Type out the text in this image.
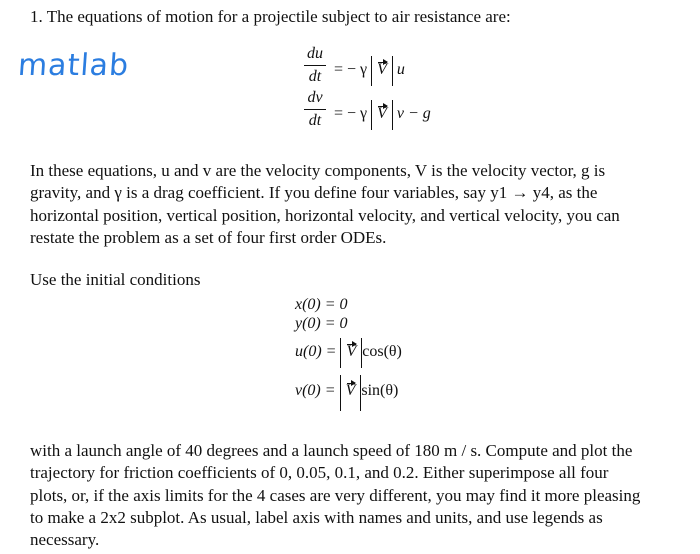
1. The equations of motion for a projectile subject to air resistance are:
matlab	du
dt = − γ V u
dv
dt = − γ V v − g
In these equations, u and v are the velocity components, V is the velocity vector, g is
gravity, and γ is a drag coefficient. If you define four variables, say y1 → y4, as the
horizontal position, vertical position, horizontal velocity, and vertical velocity, you can
restate the problem as a set of four first order ODEs.
Use the initial conditions
x(0) = 0
y(0) = 0
u(0) = V cos(θ)
v(0) = V sin(θ)
with a launch angle of 40 degrees and a launch speed of 180 m / s. Compute and plot the
trajectory for friction coefficients of 0, 0.05, 0.1, and 0.2. Either superimpose all four
plots, or, if the axis limits for the 4 cases are very different, you may find it more pleasing
to make a 2x2 subplot. As usual, label axis with names and units, and use legends as
necessary.
